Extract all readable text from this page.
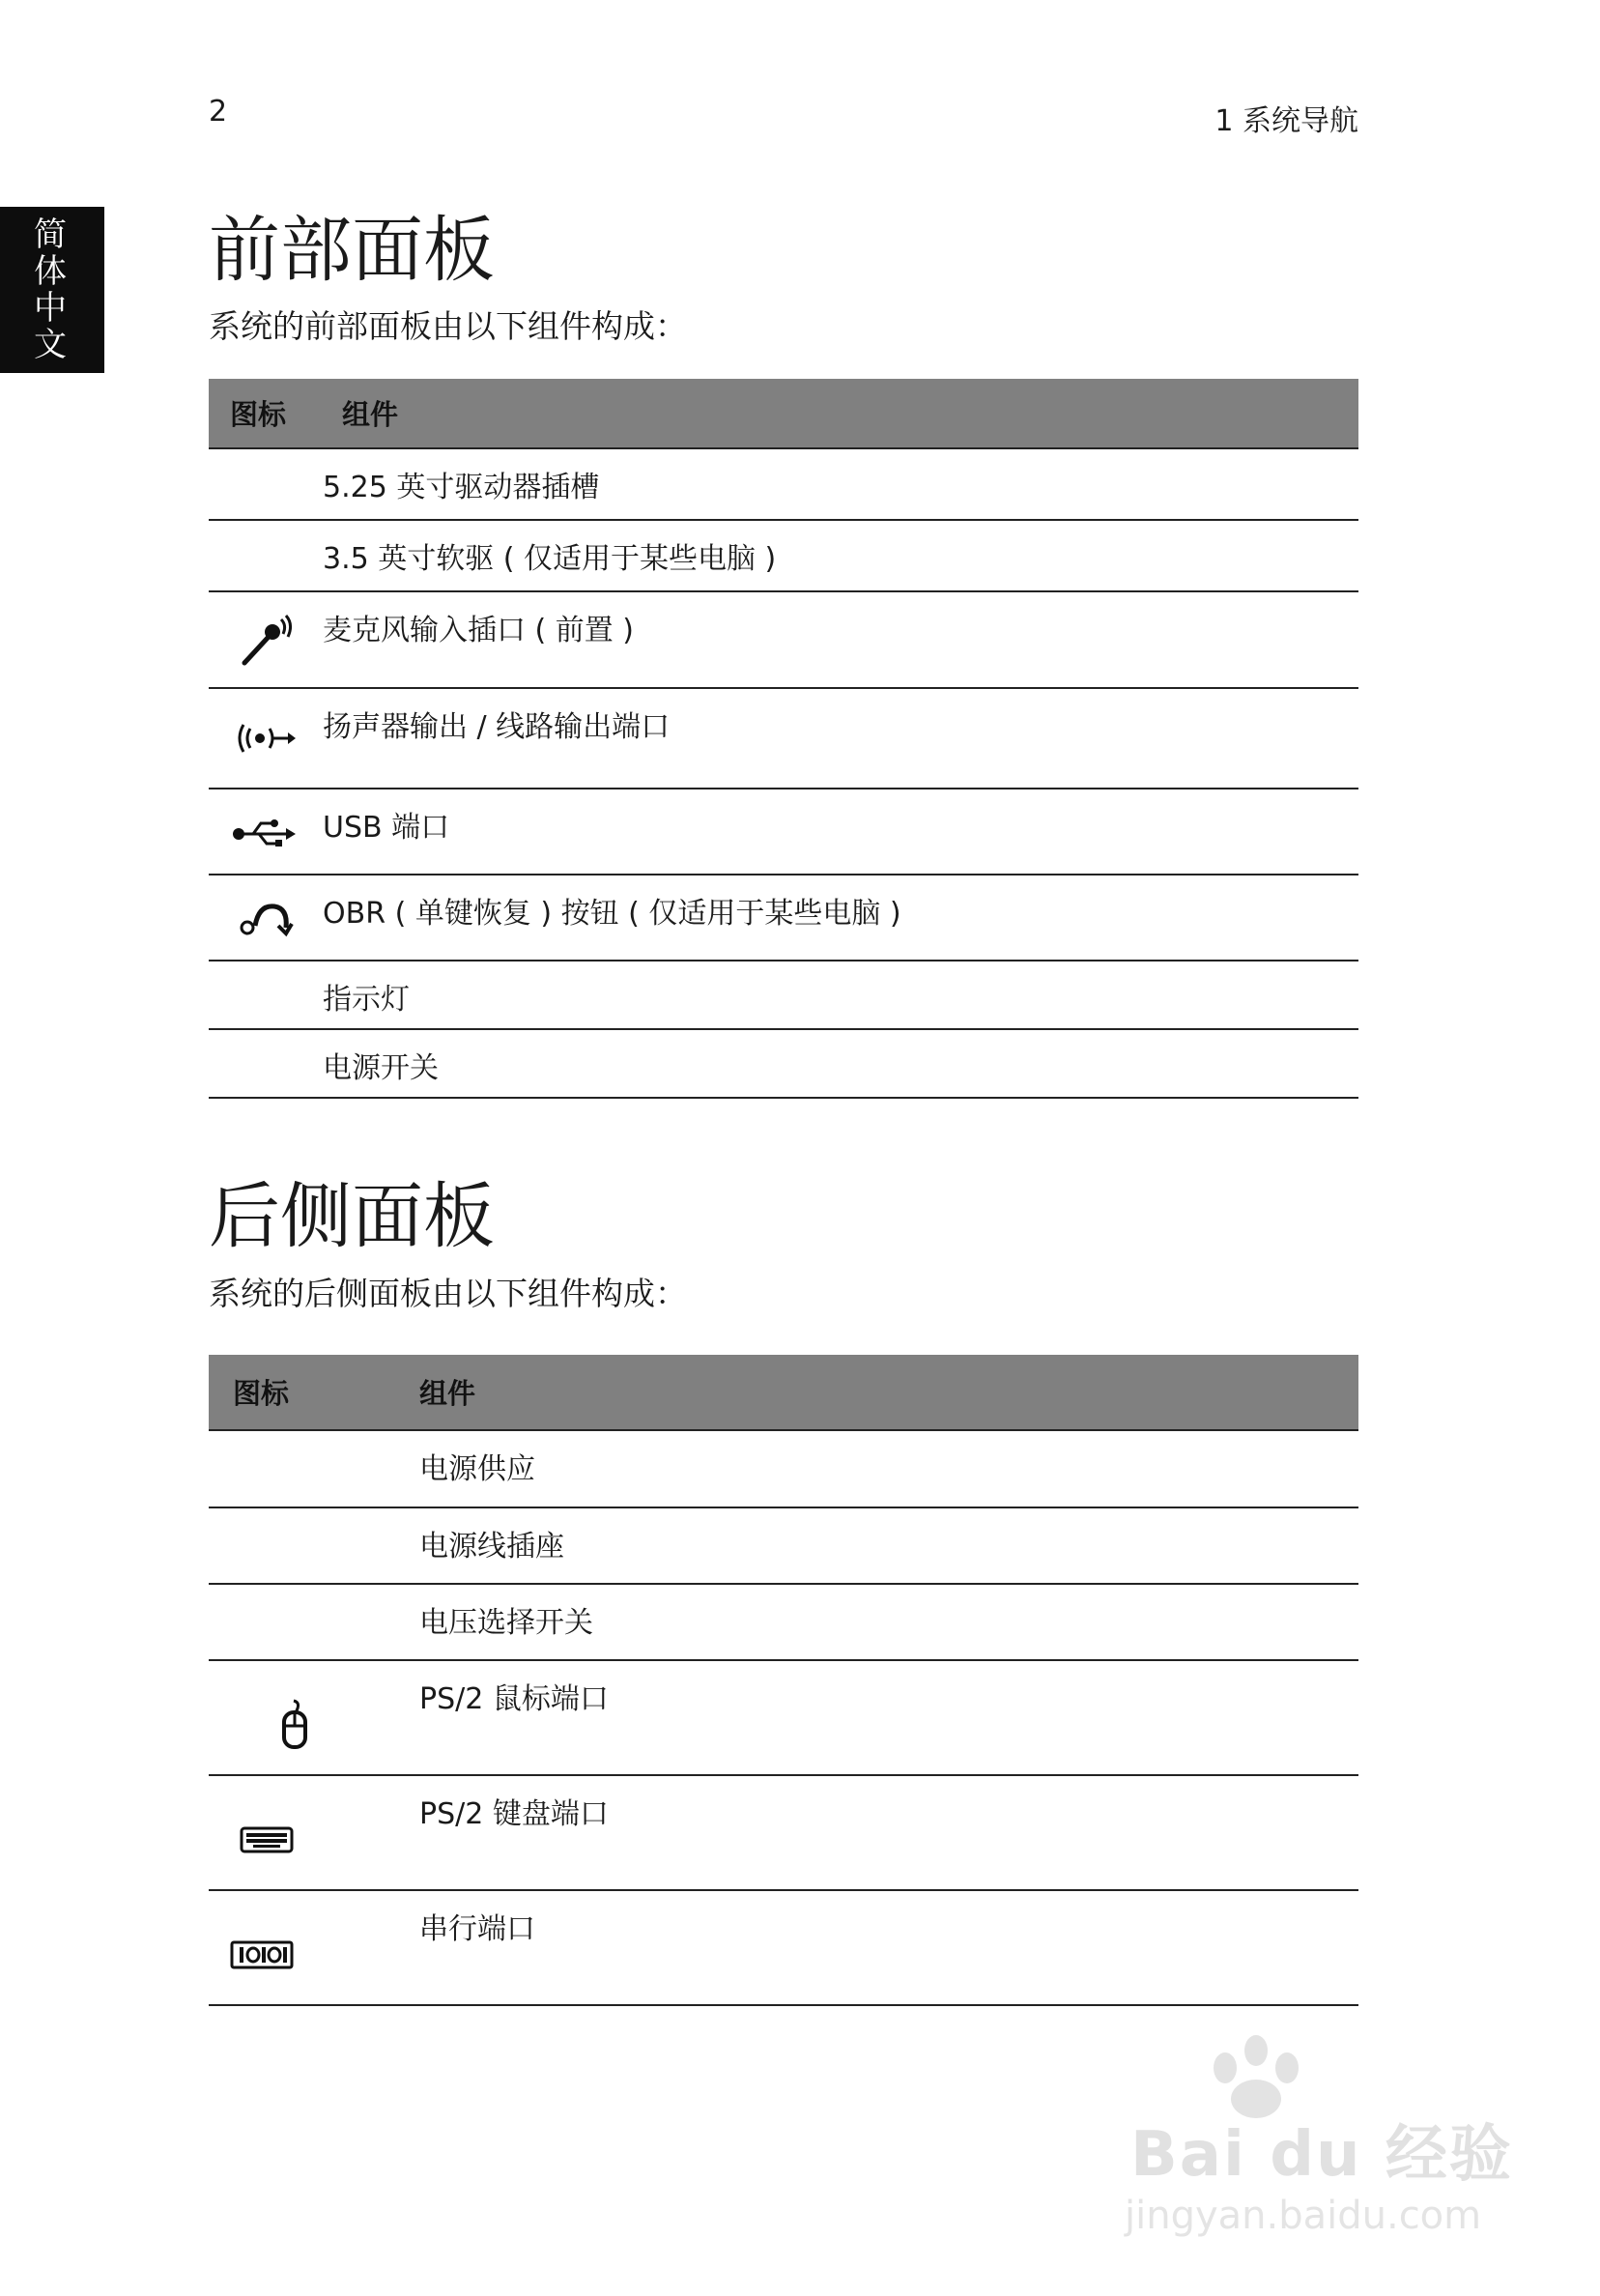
2	1 系统导航
简体中文
前部面板
系统的前部面板由以下组件构成：
图标	组件
	5.25 英寸驱动器插槽
	3.5 英寸软驱 ( 仅适用于某些电脑 )

	麦克风输入插口 ( 前置 )

	扬声器输出 / 线路输出端口

	USB 端口

	OBR ( 单键恢复 ) 按钮 ( 仅适用于某些电脑 )
	指示灯
	电源开关
后侧面板
系统的后侧面板由以下组件构成：
图标	组件
	电源供应
	电源线插座
	电压选择开关

	PS/2 鼠标端口

	PS/2 键盘端口

	串行端口
Bai du 经验
jingyan.baidu.com
